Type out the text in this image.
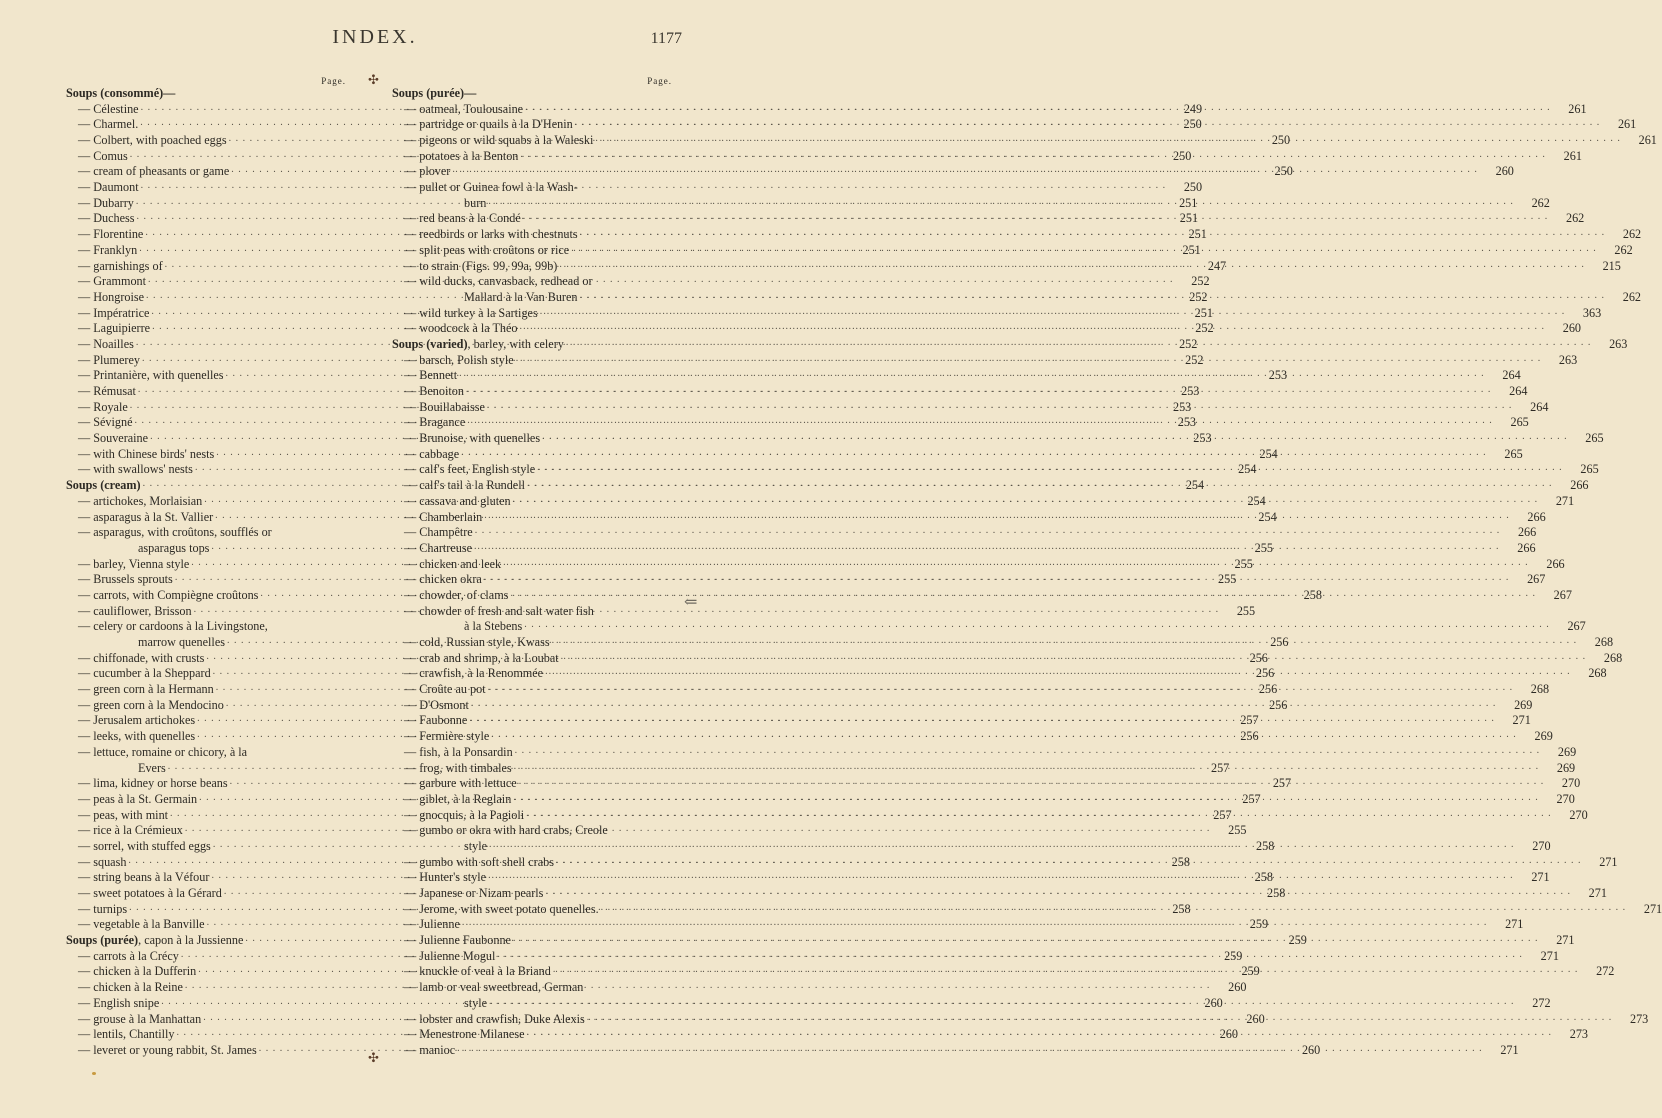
INDEX.	1177
✣
✣
⇐
Page.
Soups (consommé)—
— Célestine . . .	249
— Charmel. . . .	250
— Colbert, with poached eggs . . .	250
— Comus . . .	250
— cream of pheasants or game . . .	250
— Daumont . . .	250
— Dubarry . . .	251
— Duchess . . .	251
— Florentine . . .	251
— Franklyn . . .	251
— garnishings of . . .	247
— Grammont . . .	252
— Hongroise . . .	252
— Impératrice . . .	251
— Laguipierre . . .	252
— Noailles . . .	252
— Plumerey . . .	252
— Printanière, with quenelles . . .	253
— Rémusat . . .	253
— Royale . . .	253
— Sévigné . . .	253
— Souveraine . . .	253
— with Chinese birds' nests . . .	254
— with swallows' nests . . .	254
Soups (cream) . . .	254
— artichokes, Morlaisian . . .	254
— asparagus à la St. Vallier . . .	254
— asparagus, with croûtons, soufflés or
asparagus tops . . .	255
— barley, Vienna style . . .	255
— Brussels sprouts . . .	255
— carrots, with Compiègne croûtons . . .	258
— cauliflower, Brisson . . .	255
— celery or cardoons à la Livingstone,
marrow quenelles . . .	256
— chiffonade, with crusts . . .	256
— cucumber à la Sheppard . . .	256
— green corn à la Hermann . . .	256
— green corn à la Mendocino . . .	256
— Jerusalem artichokes . . .	257
— leeks, with quenelles . . .	256
— lettuce, romaine or chicory, à la
Evers . . .	257
— lima, kidney or horse beans . . .	257
— peas à la St. Germain . . .	257
— peas, with mint . . .	257
— rice à la Crémieux . . .	255
— sorrel, with stuffed eggs . . .	258
— squash . . .	258
— string beans à la Véfour . . .	258
— sweet potatoes à la Gérard . . .	258
— turnips . . .	258
— vegetable à la Banville . . .	259
Soups (purée), capon à la Jussienne . . .	259
— carrots à la Crécy . . .	259
— chicken à la Dufferin . . .	259
— chicken à la Reine . . .	260
— English snipe . . .	260
— grouse à la Manhattan . . .	260
— lentils, Chantilly . . .	260
— leveret or young rabbit, St. James . . .	260
Page.
Soups (purée)—
— oatmeal, Toulousaine . . .	261
— partridge or quails à la D'Henin . . .	261
— pigeons or wild squabs à la Waleski . . .	261
— potatoes à la Benton . . .	261
— plover . . .	260
— pullet or Guinea fowl à la Wash-
burn . . .	262
— red beans à la Condé . . .	262
— reedbirds or larks with chestnuts . . .	262
— split peas with croûtons or rice . . .	262
— to strain (Figs. 99, 99a, 99b) . . .	215
— wild ducks, canvasback, redhead or
Mallard à la Van Buren . . .	262
— wild turkey à la Sartiges . . .	363
— woodcock à la Théo . . .	260
Soups (varied), barley, with celery . . .	263
— barsch, Polish style . . .	263
— Bennett . . .	264
— Benoiton . . .	264
— Bouillabaisse . . .	264
— Bragance . . .	265
— Brunoise, with quenelles . . .	265
— cabbage . . .	265
— calf's feet, English style . . .	265
— calf's tail à la Rundell . . .	266
— cassava and gluten . . .	271
— Chamberlain . . .	266
— Champêtre . . .	266
— Chartreuse . . .	266
— chicken and leek . . .	266
— chicken okra . . .	267
— chowder, of clams . . .	267
— chowder of fresh and salt water fish
à la Stebens . . .	267
— cold, Russian style, Kwass . . .	268
— crab and shrimp, à la Loubat . . .	268
— crawfish, à la Renommée . . .	268
— Croûte au pot . . .	268
— D'Osmont . . .	269
— Faubonne . . .	271
— Fermière style . . .	269
— fish, à la Ponsardin . . .	269
— frog, with timbales . . .	269
— garbure with lettuce . . .	270
— giblet, à la Reglain . . .	270
— gnocquis, à la Pagioli . . .	270
— gumbo or okra with hard crabs, Creole
style . . .	270
— gumbo with soft shell crabs . . .	271
— Hunter's style . . .	271
— Japanese or Nizam pearls . . .	271
— Jerome, with sweet potato quenelles. . . .	271
— Julienne . . .	271
— Julienne Faubonne . . .	271
— Julienne Mogul . . .	271
— knuckle of veal à la Briand . . .	272
— lamb or veal sweetbread, German
style . . .	272
— lobster and crawfish, Duke Alexis . . .	273
— Menestrone Milanese . . .	273
— manioc . . .	271
